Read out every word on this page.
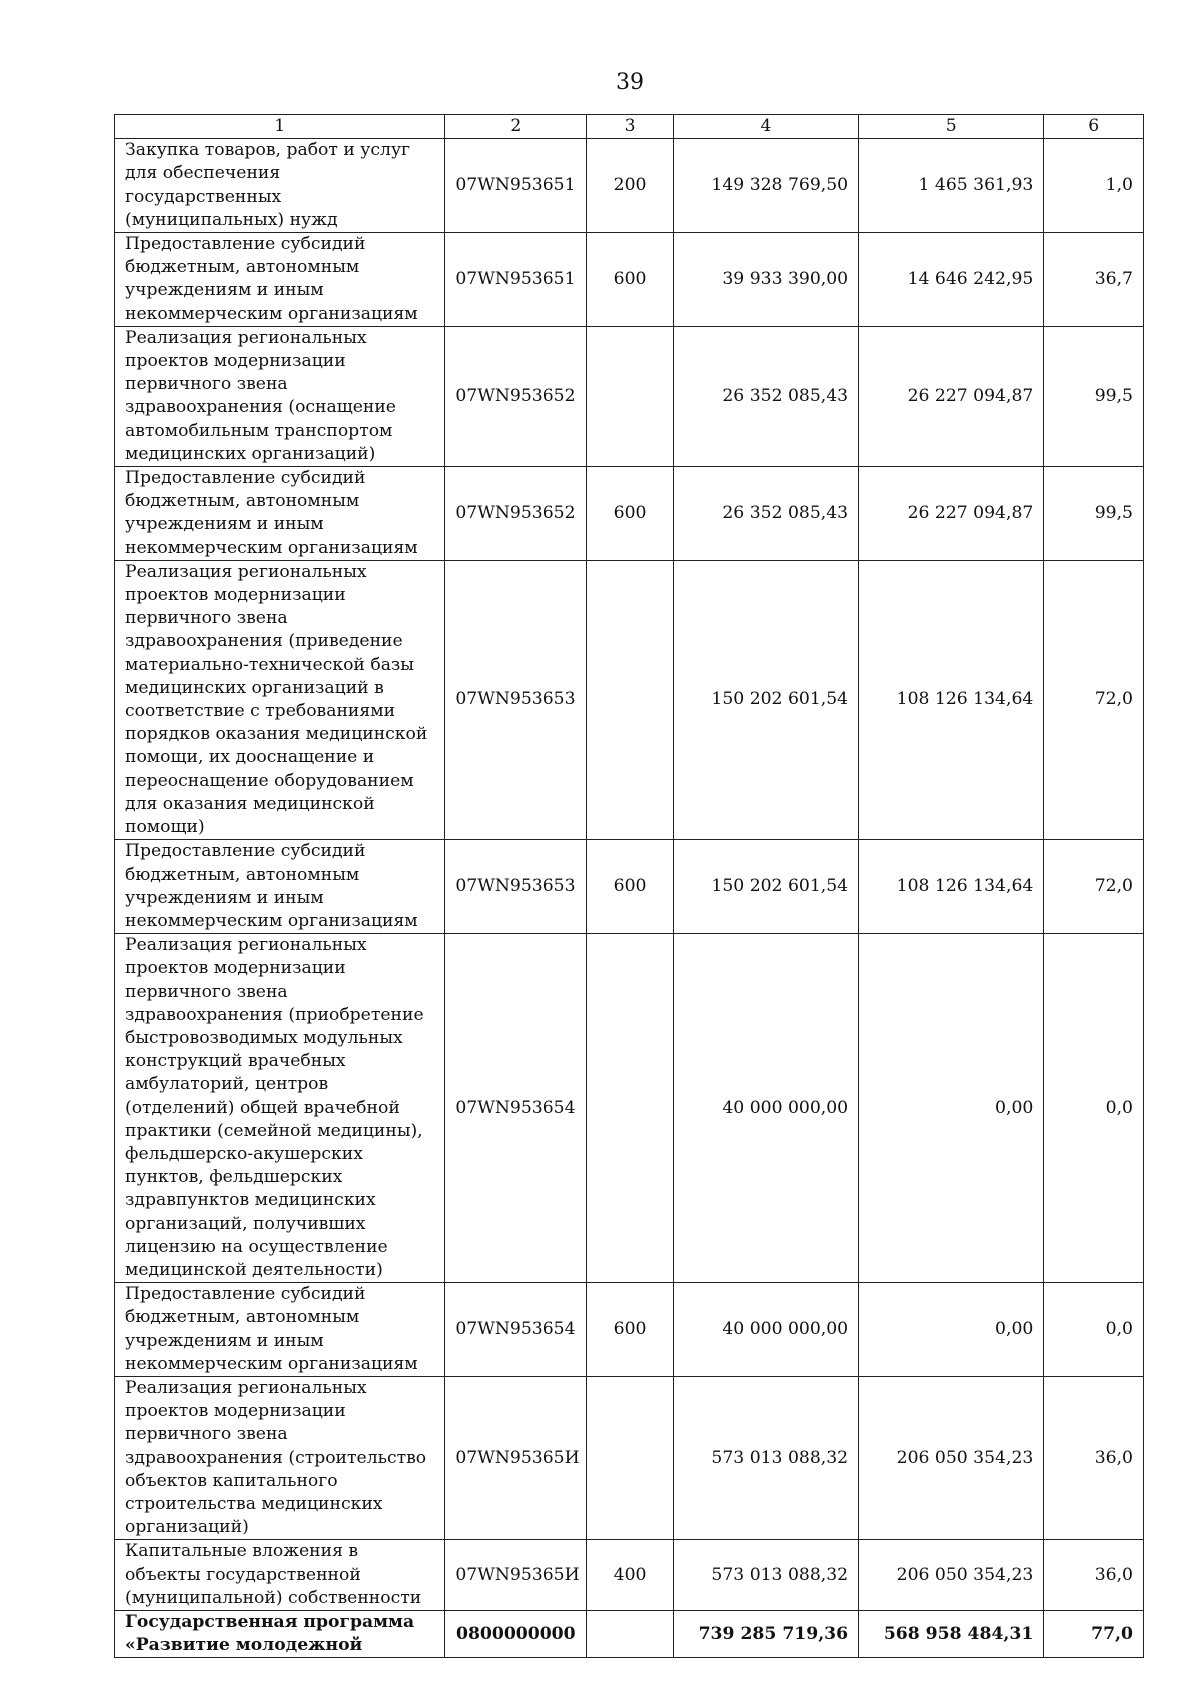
39
1	2	3	4	5	6
Закупка товаров, работ и услуг для обеспечения государственных (муниципальных) нужд	07WN953651	200	149 328 769,50	1 465 361,93	1,0
Предоставление субсидий бюджетным, автономным учреждениям и иным некоммерческим организациям	07WN953651	600	39 933 390,00	14 646 242,95	36,7
Реализация региональных проектов модернизации первичного звена здравоохранения (оснащение автомобильным транспортом медицинских организаций)	07WN953652		26 352 085,43	26 227 094,87	99,5
Предоставление субсидий бюджетным, автономным учреждениям и иным некоммерческим организациям	07WN953652	600	26 352 085,43	26 227 094,87	99,5
Реализация региональных проектов модернизации первичного звена здравоохранения (приведение материально-технической базы медицинских организаций в соответствие с требованиями порядков оказания медицинской помощи, их дооснащение и переоснащение оборудованием для оказания медицинской помощи)	07WN953653		150 202 601,54	108 126 134,64	72,0
Предоставление субсидий бюджетным, автономным учреждениям и иным некоммерческим организациям	07WN953653	600	150 202 601,54	108 126 134,64	72,0
Реализация региональных проектов модернизации первичного звена здравоохранения (приобретение быстровозводимых модульных конструкций врачебных амбулаторий, центров (отделений) общей врачебной практики (семейной медицины), фельдшерско-акушерских пунктов, фельдшерских здравпунктов медицинских организаций, получивших лицензию на осуществление медицинской деятельности)	07WN953654		40 000 000,00	0,00	0,0
Предоставление субсидий бюджетным, автономным учреждениям и иным некоммерческим организациям	07WN953654	600	40 000 000,00	0,00	0,0
Реализация региональных проектов модернизации первичного звена здравоохранения (строительство объектов капитального строительства медицинских организаций)	07WN95365И		573 013 088,32	206 050 354,23	36,0
Капитальные вложения в объекты государственной (муниципальной) собственности	07WN95365И	400	573 013 088,32	206 050 354,23	36,0
Государственная программа «Развитие молодежной	0800000000		739 285 719,36	568 958 484,31	77,0
